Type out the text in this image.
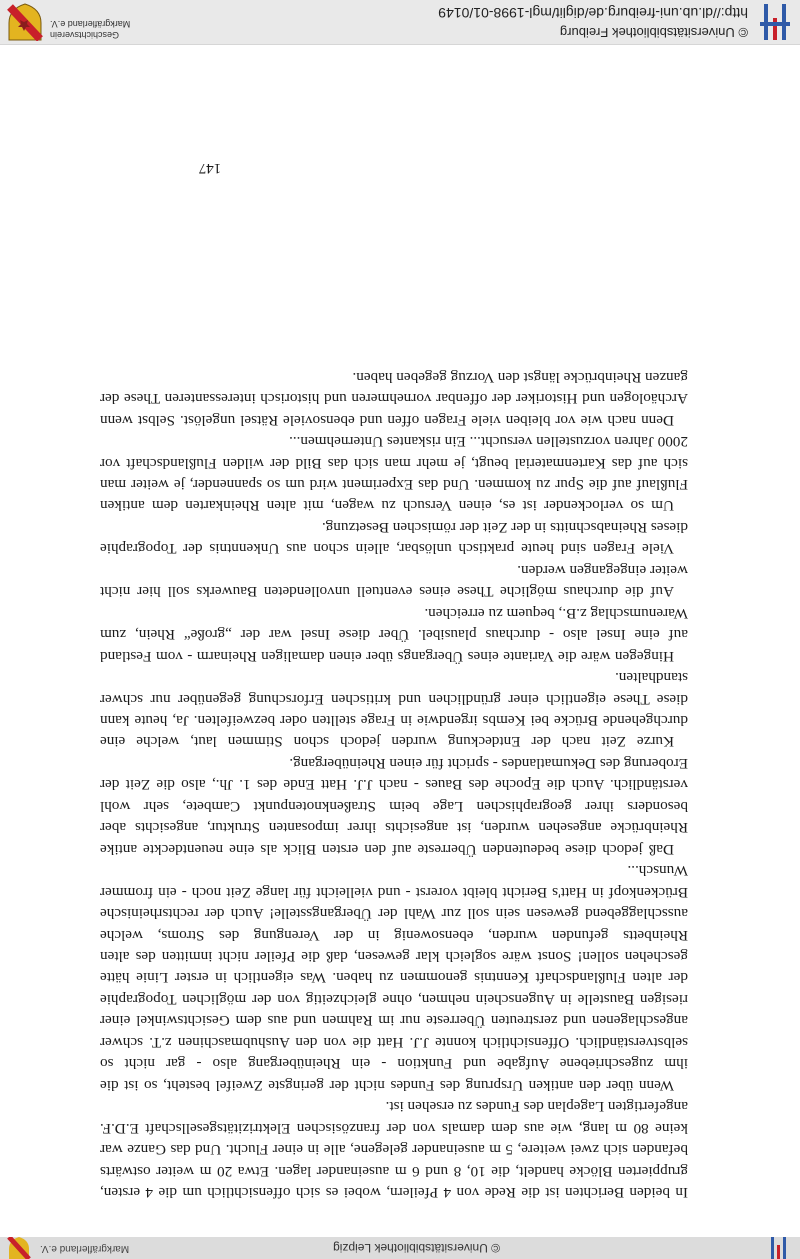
© Universitätsbibliothek Leipzig
Markgräflerland e.V.

In beiden Berichten ist die Rede von 4 Pfeilern, wobei es sich offensichtlich um die 4 ersten, gruppierten Blöcke handelt, die 10, 8 und 6 m auseinander lagen. Etwa 20 m weiter ostwärts befanden sich zwei weitere, 5 m auseinander gelegene, alle in einer Flucht. Und das Ganze war keine 80 m lang, wie aus dem damals von der französischen Elektrizitätsgesellschaft E.D.F. angefertigten Lageplan des Fundes zu ersehen ist.

Wenn über den antiken Ursprung des Fundes nicht der geringste Zweifel besteht, so ist die ihm zugeschriebene Aufgabe und Funktion - ein Rheinübergang also - gar nicht so selbstverständlich. Offensichtlich konnte J.J. Hatt die von den Aushubmaschinen z.T. schwer angeschlagenen und zerstreuten Überreste nur im Rahmen und aus dem Gesichtswinkel einer riesigen Baustelle in Augenschein nehmen, ohne gleichzeitig von der möglichen Topographie der alten Flußlandschaft Kenntnis genommen zu haben. Was eigentlich in erster Linie hätte geschehen sollen! Sonst wäre sogleich klar gewesen, daß die Pfeiler nicht inmitten des alten Rheinbetts gefunden wurden, ebensowenig in der Verengung des Stroms, welche ausschlaggebend gewesen sein soll zur Wahl der Übergangsstelle! Auch der rechtsrheinische Brückenkopf in Hatt's Bericht bleibt vorerst - und vielleicht für lange Zeit noch - ein frommer Wunsch...

Daß jedoch diese bedeutenden Überreste auf den ersten Blick als eine neuentdeckte antike Rheinbrücke angesehen wurden, ist angesichts ihrer imposanten Struktur, angesichts aber besonders ihrer geographischen Lage beim Straßenknotenpunkt Cambete, sehr wohl verständlich. Auch die Epoche des Baues - nach J.J. Hatt Ende des 1. Jh., also die Zeit der Eroberung des Dekumatlandes - spricht für einen Rheinübergang.

Kurze Zeit nach der Entdeckung wurden jedoch schon Stimmen laut, welche eine durchgehende Brücke bei Kembs irgendwie in Frage stellten oder bezweifelten. Ja, heute kann diese These eigentlich einer gründlichen und kritischen Erforschung gegenüber nur schwer standhalten.

Hingegen wäre die Variante eines Übergangs über einen damaligen Rheinarm - vom Festland auf eine Insel also - durchaus plausibel. Über diese Insel war der „große“ Rhein, zum Warenumschlag z.B., bequem zu erreichen.

Auf die durchaus mögliche These eines eventuell unvollendeten Bauwerks soll hier nicht weiter eingegangen werden.

Viele Fragen sind heute praktisch unlösbar, allein schon aus Unkenntnis der Topographie dieses Rheinabschnitts in der Zeit der römischen Besetzung.

Um so verlockender ist es, einen Versuch zu wagen, mit alten Rheinkarten dem antiken Flußlauf auf die Spur zu kommen. Und das Experiment wird um so spannender, je weiter man sich auf das Kartenmaterial beugt, je mehr man sich das Bild der wilden Flußlandschaft vor 2000 Jahren vorzustellen versucht... Ein riskantes Unternehmen...

Denn nach wie vor bleiben viele Fragen offen und ebensoviele Rätsel ungelöst. Selbst wenn Archäologen und Historiker der offenbar vornehmeren und historisch interessanteren These der ganzen Rheinbrücke längst den Vorzug gegeben haben.

147
© Universitätsbibliothek Freiburg
http://dl.ub.uni-freiburg.de/diglit/mgl-1998-01/0149
Geschichtsverein
Markgräflerland e.V.
